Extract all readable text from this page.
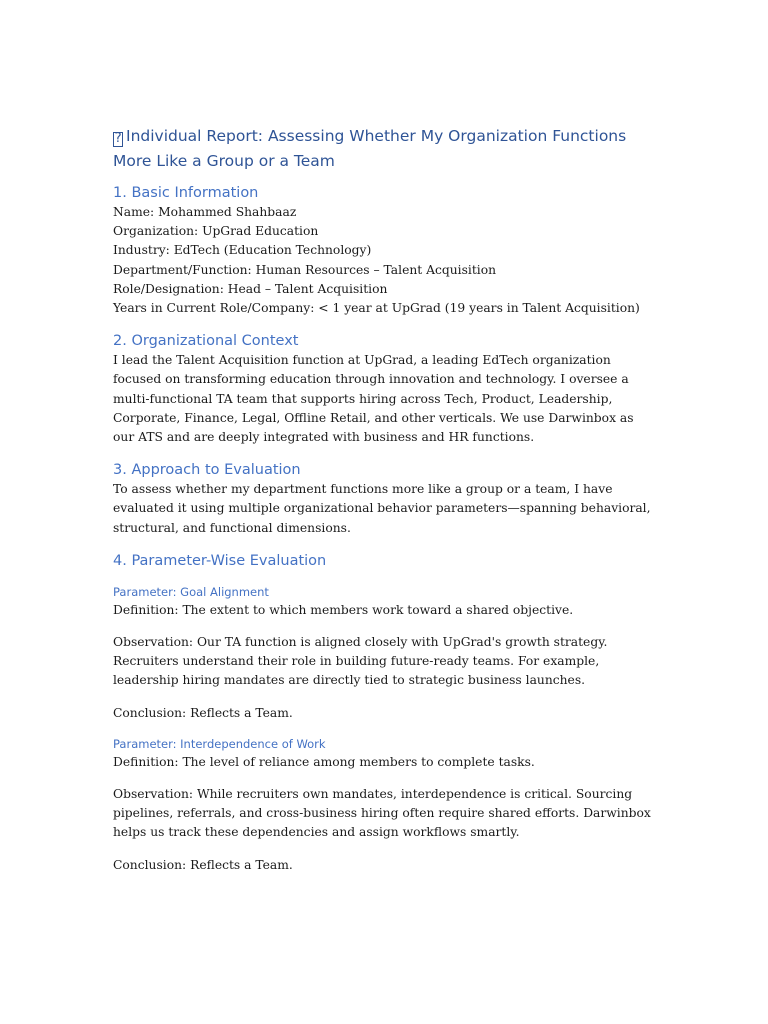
? Individual Report: Assessing Whether My Organization Functions More Like a Group or a Team
1. Basic Information
Name: Mohammed Shahbaaz
Organization: UpGrad Education
Industry: EdTech (Education Technology)
Department/Function: Human Resources – Talent Acquisition
Role/Designation: Head – Talent Acquisition
Years in Current Role/Company: < 1 year at UpGrad (19 years in Talent Acquisition)
2. Organizational Context

I lead the Talent Acquisition function at UpGrad, a leading EdTech organization focused on transforming education through innovation and technology. I oversee a multi-functional TA team that supports hiring across Tech, Product, Leadership, Corporate, Finance, Legal, Offline Retail, and other verticals. We use Darwinbox as our ATS and are deeply integrated with business and HR functions.

3. Approach to Evaluation

To assess whether my department functions more like a group or a team, I have evaluated it using multiple organizational behavior parameters—spanning behavioral, structural, and functional dimensions.

4. Parameter-Wise Evaluation
Parameter: Goal Alignment

Definition: The extent to which members work toward a shared objective.

Observation: Our TA function is aligned closely with UpGrad's growth strategy. Recruiters understand their role in building future-ready teams. For example, leadership hiring mandates are directly tied to strategic business launches.

Conclusion: Reflects a Team.

Parameter: Interdependence of Work

Definition: The level of reliance among members to complete tasks.

Observation: While recruiters own mandates, interdependence is critical. Sourcing pipelines, referrals, and cross-business hiring often require shared efforts. Darwinbox helps us track these dependencies and assign workflows smartly.

Conclusion: Reflects a Team.
